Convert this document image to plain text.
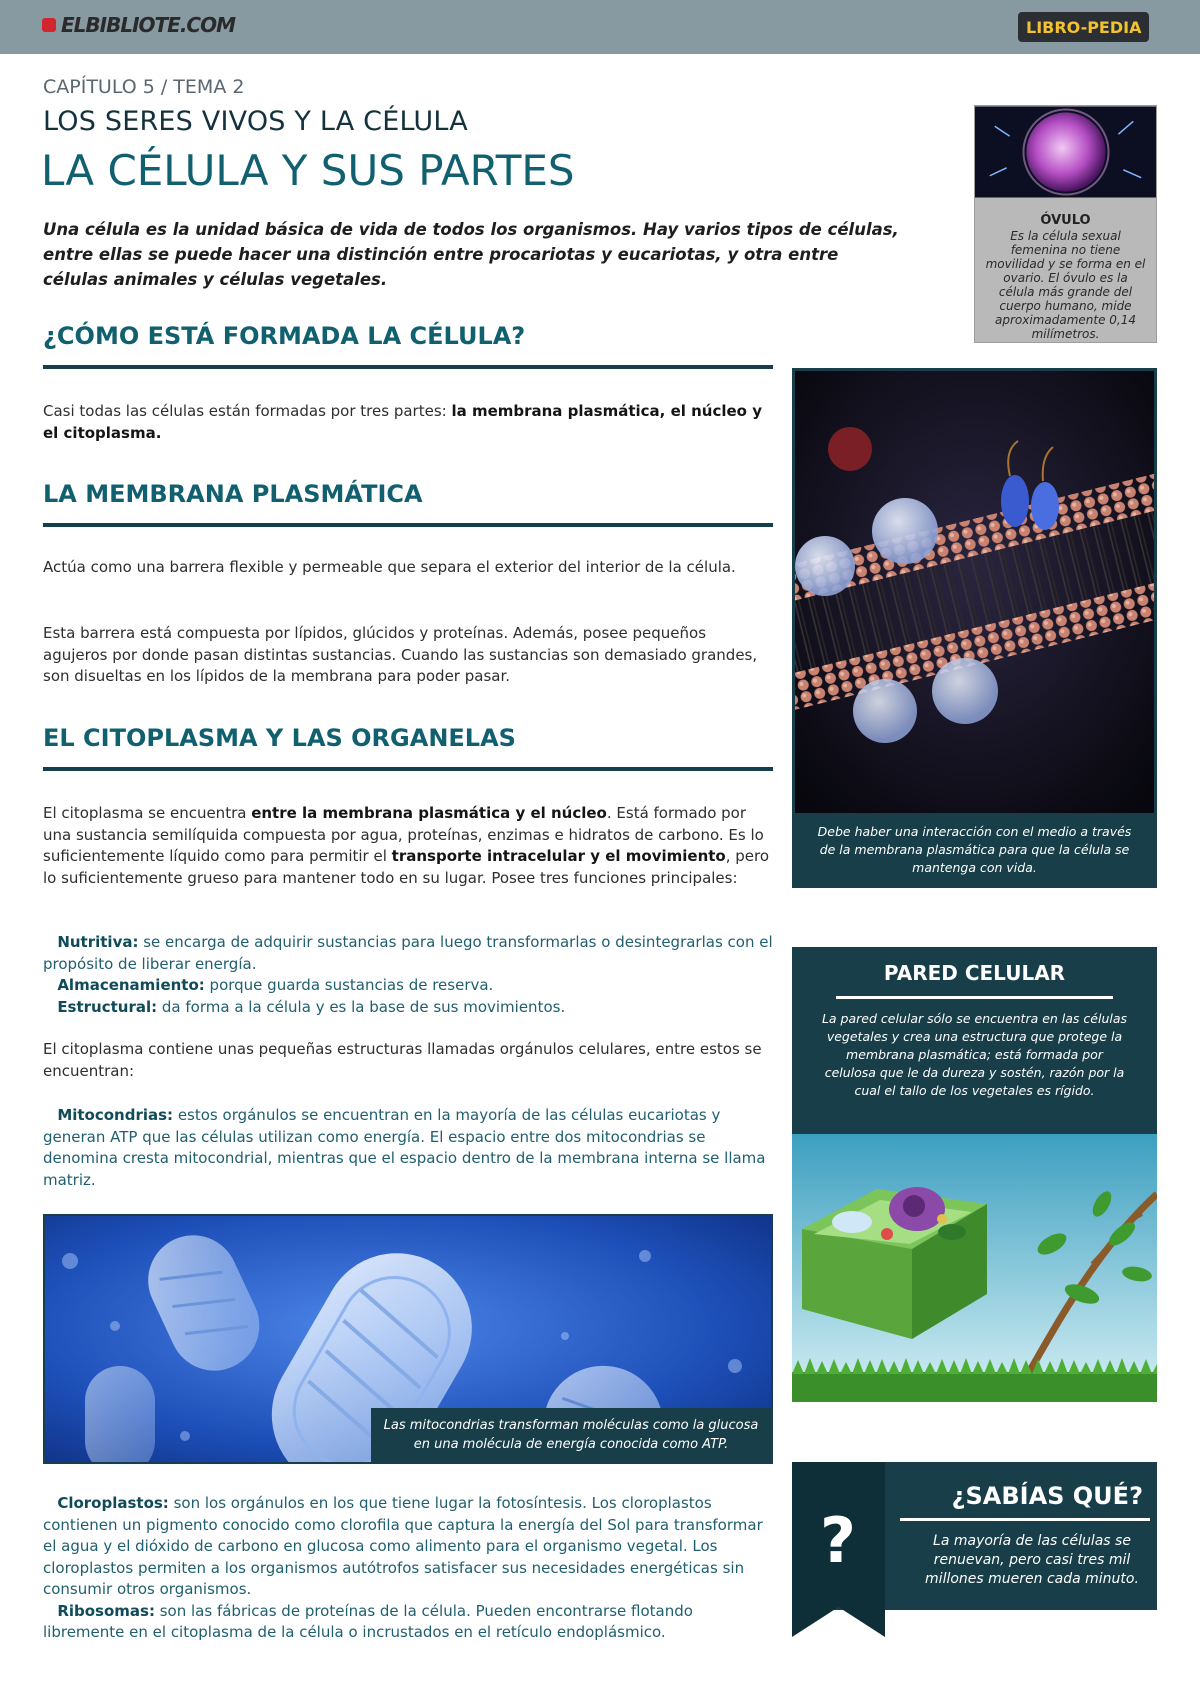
ELBIBLIOTE.COM	LIBRO-PEDIA
CAPÍTULO 5 / TEMA 2
LOS SERES VIVOS Y LA CÉLULA
LA CÉLULA Y SUS PARTES
Una célula es la unidad básica de vida de todos los organismos. Hay varios tipos de células, entre ellas se puede hacer una distinción entre procariotas y eucariotas, y otra entre células animales y células vegetales.
¿CÓMO ESTÁ FORMADA LA CÉLULA?
Casi todas las células están formadas por tres partes: la membrana plasmática, el núcleo y el citoplasma.
LA MEMBRANA PLASMÁTICA
Actúa como una barrera flexible y permeable que separa el exterior del interior de la célula.
Esta barrera está compuesta por lípidos, glúcidos y proteínas. Además, posee pequeños agujeros por donde pasan distintas sustancias. Cuando las sustancias son demasiado grandes, son disueltas en los lípidos de la membrana para poder pasar.
EL CITOPLASMA Y LAS ORGANELAS
El citoplasma se encuentra entre la membrana plasmática y el núcleo. Está formado por una sustancia semilíquida compuesta por agua, proteínas, enzimas e hidratos de carbono. Es lo suficientemente líquido como para permitir el transporte intracelular y el movimiento, pero lo suficientemente grueso para mantener todo en su lugar. Posee tres funciones principales:
Nutritiva: se encarga de adquirir sustancias para luego transformarlas o desintegrarlas con el propósito de liberar energía.
Almacenamiento: porque guarda sustancias de reserva.
Estructural: da forma a la célula y es la base de sus movimientos.
El citoplasma contiene unas pequeñas estructuras llamadas orgánulos celulares, entre estos se encuentran:
Mitocondrias: estos orgánulos se encuentran en la mayoría de las células eucariotas y generan ATP que las células utilizan como energía. El espacio entre dos mitocondrias se denomina cresta mitocondrial, mientras que el espacio dentro de la membrana interna se llama matriz.
Las mitocondrias transforman moléculas como la glucosa en una molécula de energía conocida como ATP.
Cloroplastos: son los orgánulos en los que tiene lugar la fotosíntesis. Los cloroplastos contienen un pigmento conocido como clorofila que captura la energía del Sol para transformar el agua y el dióxido de carbono en glucosa como alimento para el organismo vegetal. Los cloroplastos permiten a los organismos autótrofos satisfacer sus necesidades energéticas sin consumir otros organismos.
Ribosomas: son las fábricas de proteínas de la célula. Pueden encontrarse flotando libremente en el citoplasma de la célula o incrustados en el retículo endoplásmico.
ÓVULO
Es la célula sexual femenina no tiene movilidad y se forma en el ovario. El óvulo es la célula más grande del cuerpo humano, mide aproximadamente 0,14 milímetros.
Debe haber una interacción con el medio a través de la membrana plasmática para que la célula se mantenga con vida.
PARED CELULAR
La pared celular sólo se encuentra en las células vegetales y crea una estructura que protege la membrana plasmática; está formada por celulosa que le da dureza y sostén, razón por la cual el tallo de los vegetales es rígido.
?
¿SABÍAS QUÉ?
La mayoría de las células se renuevan, pero casi tres mil millones mueren cada minuto.
